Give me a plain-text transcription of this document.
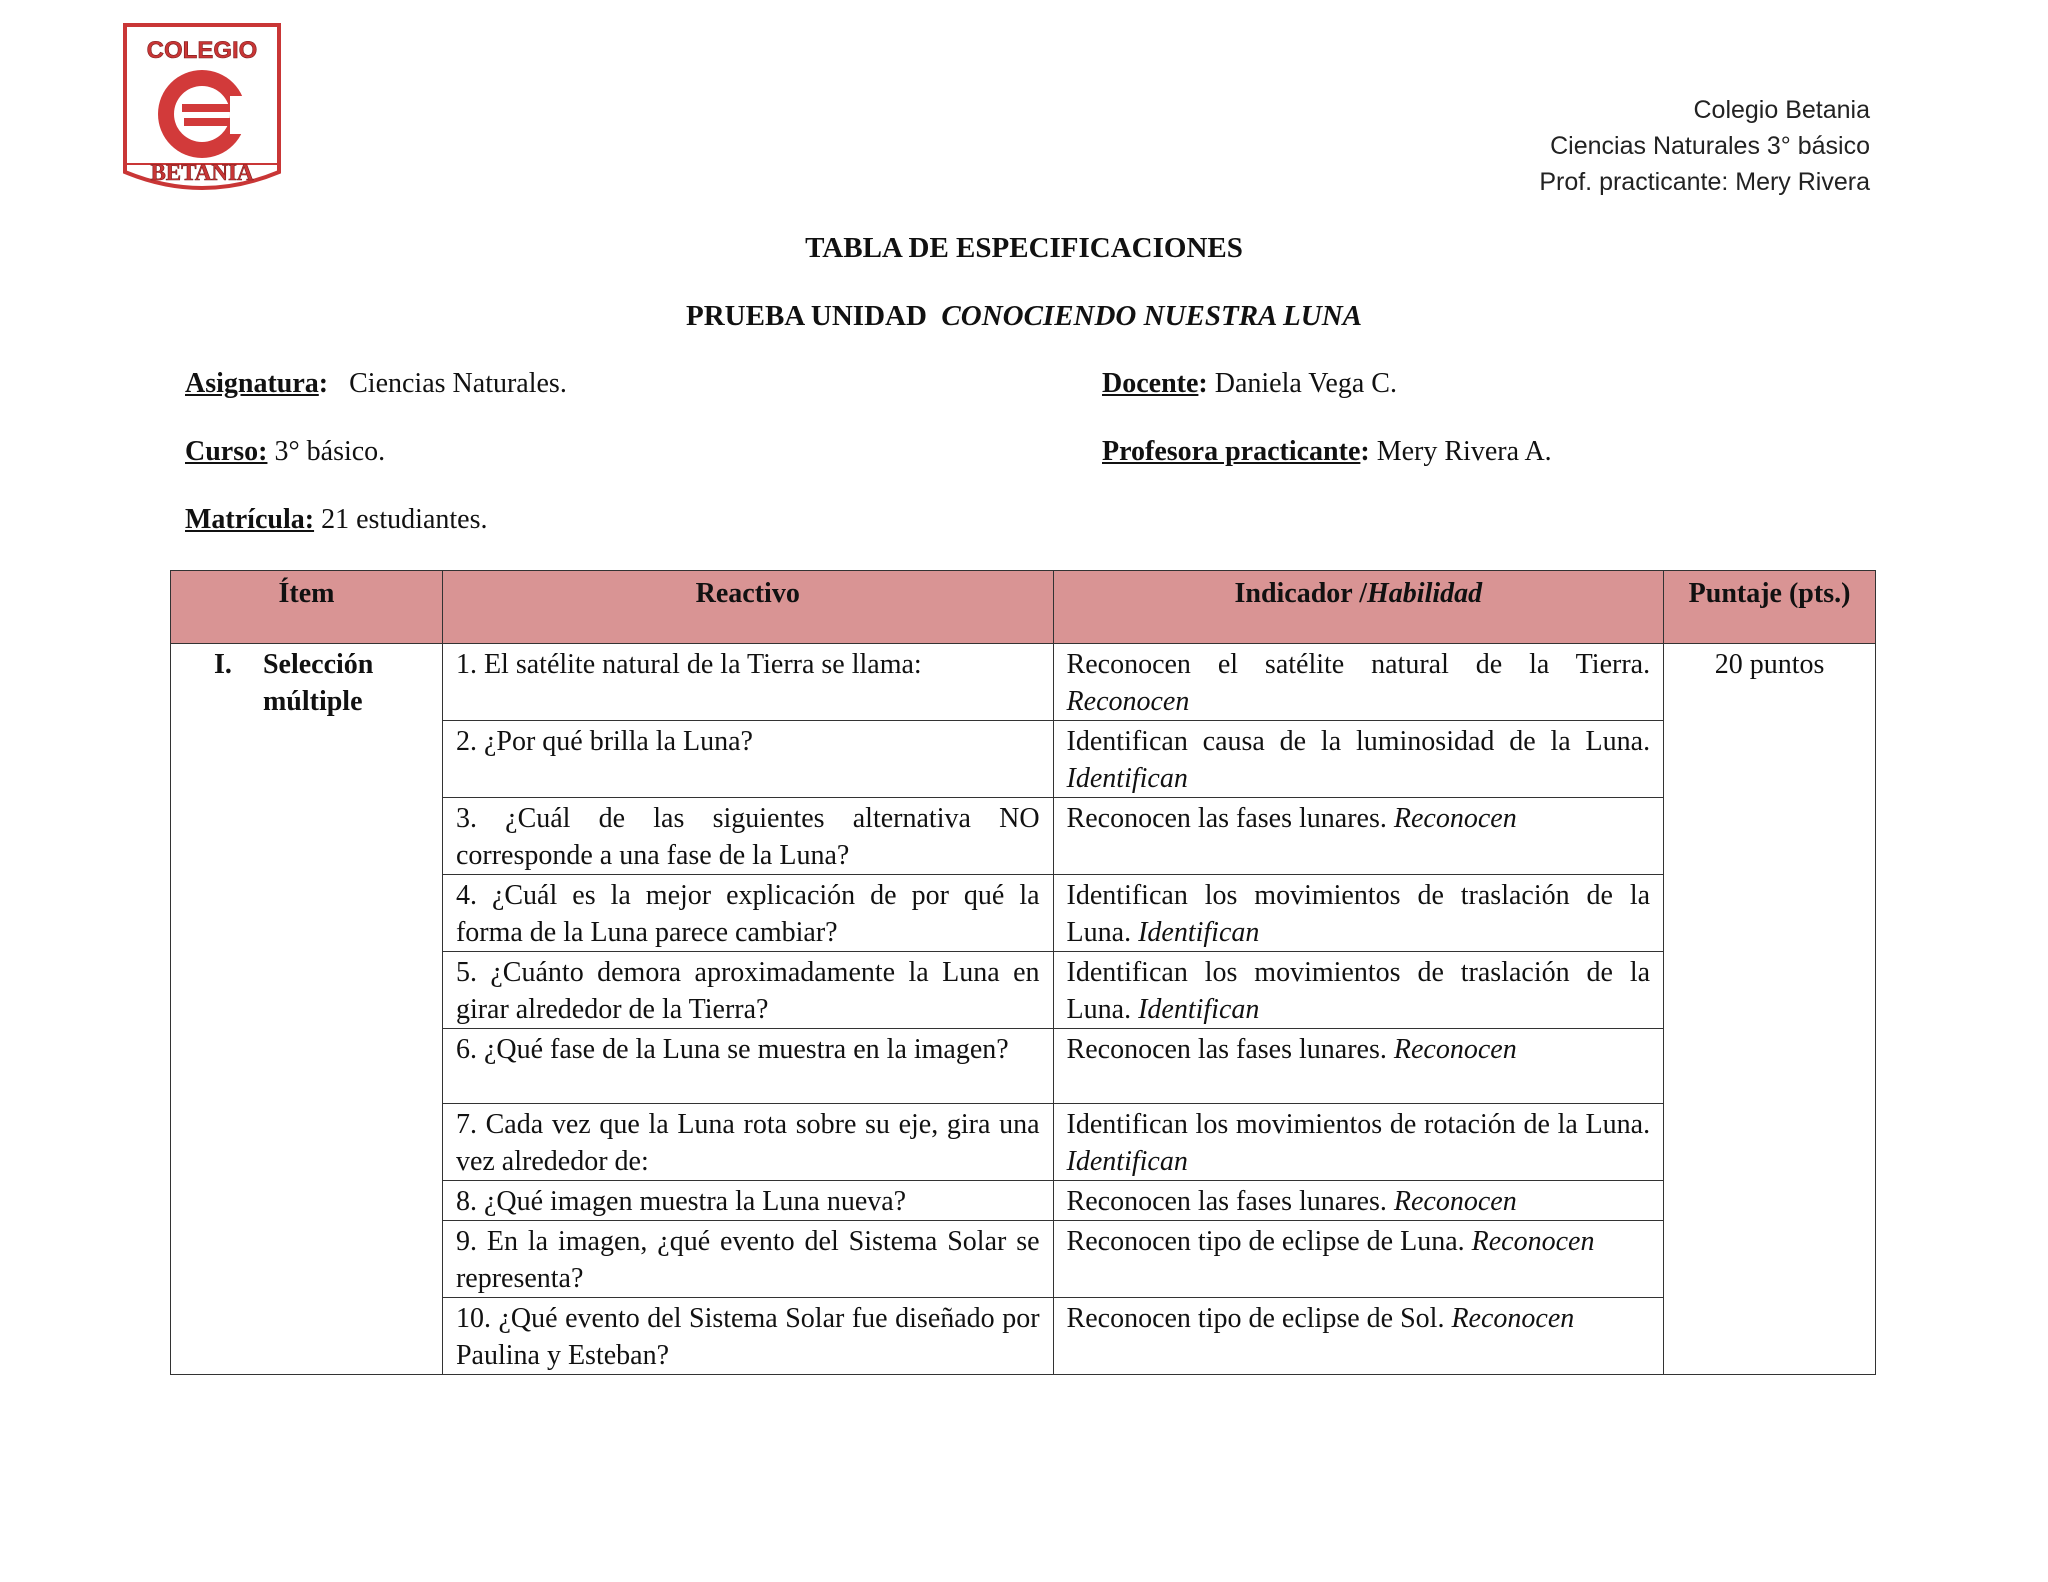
COLEGIO
BETANIA
Colegio Betania
Ciencias Naturales 3° básico
Prof. practicante: Mery Rivera
TABLA DE ESPECIFICACIONES
PRUEBA UNIDAD CONOCIENDO NUESTRA LUNA
Asignatura: Ciencias Naturales.	Docente: Daniela Vega C.
Curso: 3° básico.	Profesora practicante: Mery Rivera A.
Matrícula: 21 estudiantes.
Ítem	Reactivo	Indicador /Habilidad	Puntaje (pts.)

I. Selección múltiple	1. El satélite natural de la Tierra se llama:	Reconocen el satélite natural de la Tierra. Reconocen	20 puntos
	2. ¿Por qué brilla la Luna?	Identifican causa de la luminosidad de la Luna. Identifican	
	3. ¿Cuál de las siguientes alternativa NO corresponde a una fase de la Luna?	Reconocen las fases lunares. Reconocen	
	4. ¿Cuál es la mejor explicación de por qué la forma de la Luna parece cambiar?	Identifican los movimientos de traslación de la Luna. Identifican	
	5. ¿Cuánto demora aproximadamente la Luna en girar alrededor de la Tierra?	Identifican los movimientos de traslación de la Luna. Identifican	
	6. ¿Qué fase de la Luna se muestra en la imagen?	Reconocen las fases lunares. Reconocen	
	7. Cada vez que la Luna rota sobre su eje, gira una vez alrededor de:	Identifican los movimientos de rotación de la Luna. Identifican	
	8. ¿Qué imagen muestra la Luna nueva?	Reconocen las fases lunares. Reconocen	
	9. En la imagen, ¿qué evento del Sistema Solar se representa?	Reconocen tipo de eclipse de Luna. Reconocen	
	10. ¿Qué evento del Sistema Solar fue diseñado por Paulina y Esteban?	Reconocen tipo de eclipse de Sol. Reconocen	
